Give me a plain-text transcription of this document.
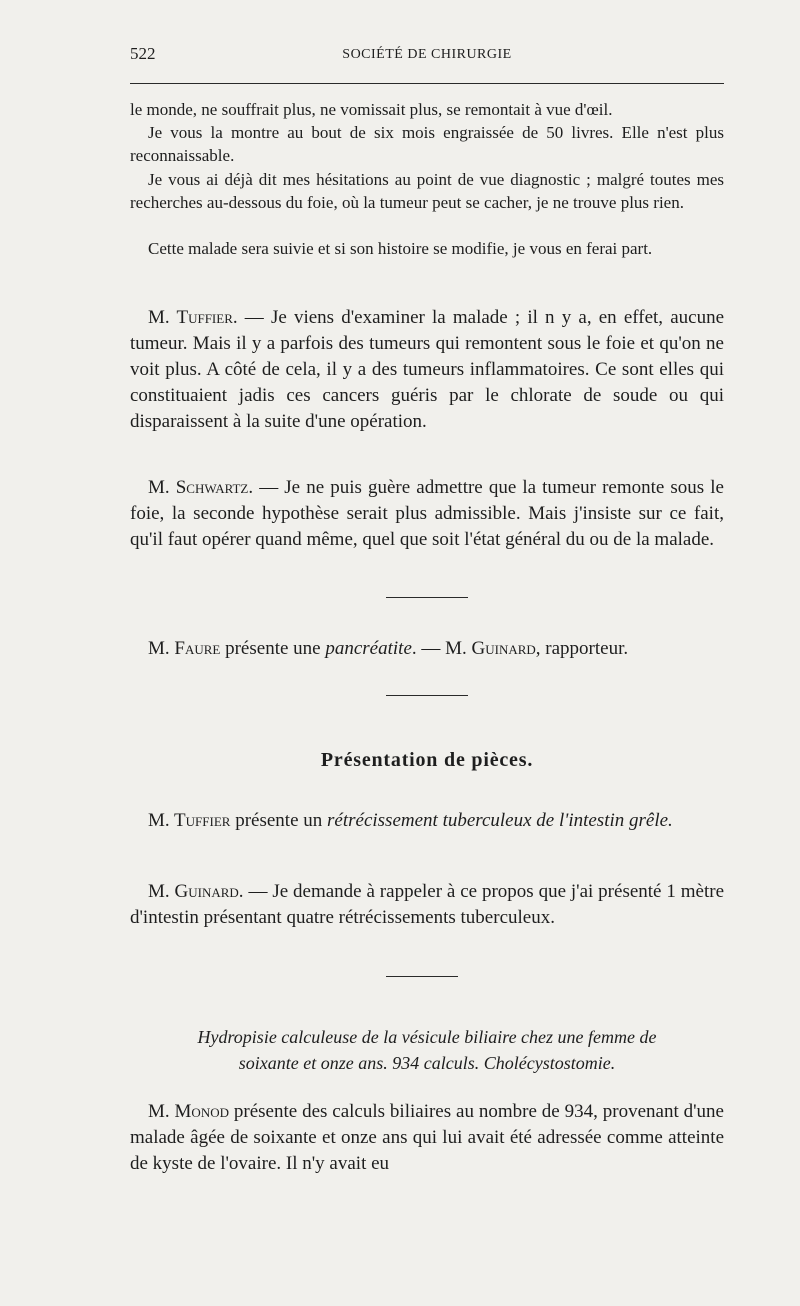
522	SOCIÉTÉ DE CHIRURGIE

le monde, ne souffrait plus, ne vomissait plus, se remontait à vue d'œil.

Je vous la montre au bout de six mois engraissée de 50 livres. Elle n'est plus reconnaissable.

Je vous ai déjà dit mes hésitations au point de vue diagnostic ; malgré toutes mes recherches au-dessous du foie, où la tumeur peut se cacher, je ne trouve plus rien.

Cette malade sera suivie et si son histoire se modifie, je vous en ferai part.

M. Tuffier. — Je viens d'examiner la malade ; il n y a, en effet, aucune tumeur. Mais il y a parfois des tumeurs qui remontent sous le foie et qu'on ne voit plus. A côté de cela, il y a des tumeurs inflammatoires. Ce sont elles qui constituaient jadis ces cancers guéris par le chlorate de soude ou qui disparaissent à la suite d'une opération.

M. Schwartz. — Je ne puis guère admettre que la tumeur remonte sous le foie, la seconde hypothèse serait plus admissible. Mais j'insiste sur ce fait, qu'il faut opérer quand même, quel que soit l'état général du ou de la malade.

M. Faure présente une pancréatite. — M. Guinard, rapporteur.

Présentation de pièces.

M. Tuffier présente un rétrécissement tuberculeux de l'intestin grêle.

M. Guinard. — Je demande à rappeler à ce propos que j'ai présenté 1 mètre d'intestin présentant quatre rétrécissements tuberculeux.

Hydropisie calculeuse de la vésicule biliaire chez une femme de
soixante et onze ans. 934 calculs. Cholécystostomie.

M. Monod présente des calculs biliaires au nombre de 934, provenant d'une malade âgée de soixante et onze ans qui lui avait été adressée comme atteinte de kyste de l'ovaire. Il n'y avait eu
